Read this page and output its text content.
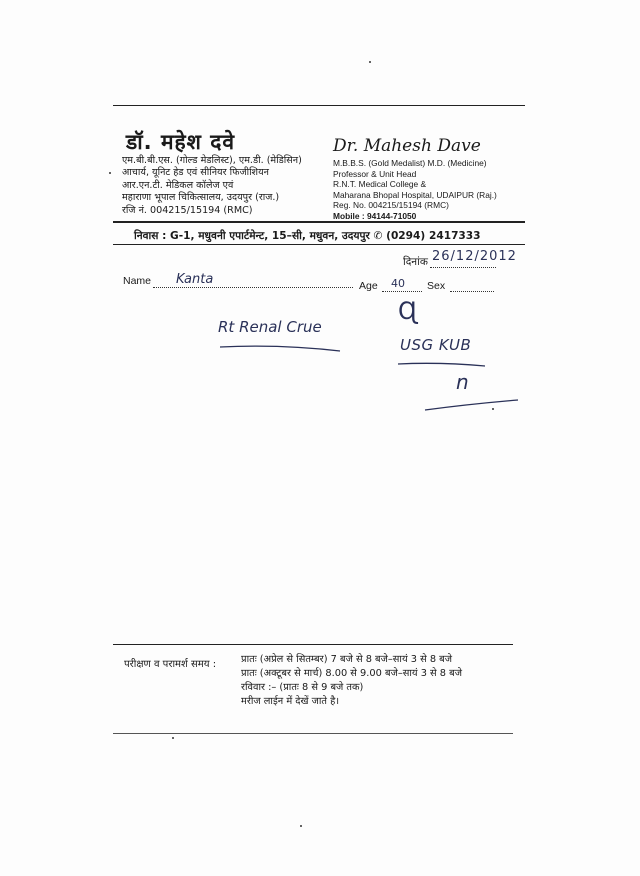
डॉ. महेश दवे
एम.बी.बी.एस. (गोल्ड मेडलिस्ट), एम.डी. (मेडिसिन)
आचार्य, यूनिट हेड एवं सीनियर फिजीशियन
आर.एन.टी. मेडिकल कॉलेज एवं
महाराणा भूपाल चिकित्सालय, उदयपुर (राज.)
रजि नं. 004215/15194 (RMC)
Dr. Mahesh Dave
M.B.B.S. (Gold Medalist) M.D. (Medicine)
Professor & Unit Head
R.N.T. Medical College &
Maharana Bhopal Hospital, UDAIPUR (Raj.)
Reg. No. 004215/15194 (RMC)
Mobile : 94144-71050
निवास : G-1, मधुवनी एपार्टमेन्ट, 15–सी, मधुवन, उदयपुर ✆ (0294) 2417333
दिनांक 26/12/2012
Name Kanta	Age 40 Sex
Rt Renal Crue
Ɋ
USG KUB
n
परीक्षण व परामर्श समय :	प्रातः (अप्रेल से सितम्बर) 7 बजे से 8 बजे–सायं 3 से 8 बजे
प्रातः (अक्टूबर से मार्च) 8.00 से 9.00 बजे–सायं 3 से 8 बजे
रविवार :– (प्रातः 8 से 9 बजे तक)
मरीज लाईन में देखें जाते है।
